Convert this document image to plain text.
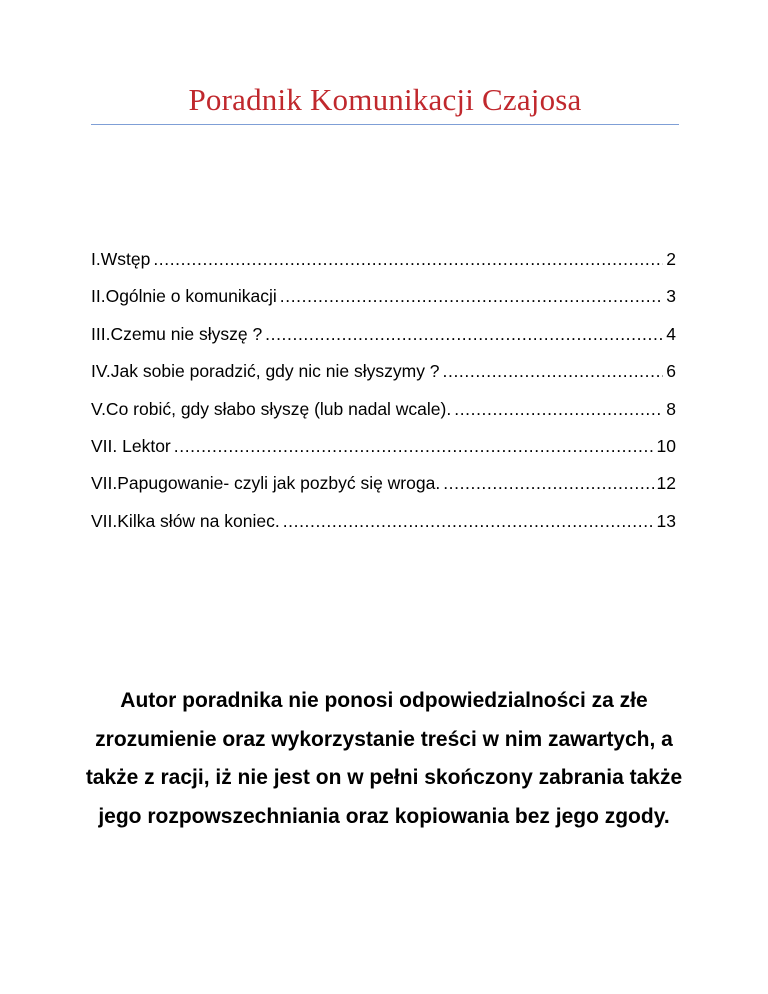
Poradnik Komunikacji Czajosa
I.Wstęp .....	2
II.Ogólnie o komunikacji .....	3
III.Czemu nie słyszę ? .....	4
IV.Jak sobie poradzić, gdy nic nie słyszymy ? .....	6
V.Co robić, gdy słabo słyszę (lub nadal wcale). .....	8
VII. Lektor .....	10
VII.Papugowanie- czyli jak pozbyć się wroga. .....	12
VII.Kilka słów na koniec. .....	13

Autor poradnika nie ponosi odpowiedzialności za złe zrozumienie oraz wykorzystanie treści w nim zawartych, a także z racji, iż nie jest on w pełni skończony zabrania także jego rozpowszechniania oraz kopiowania bez jego zgody.
